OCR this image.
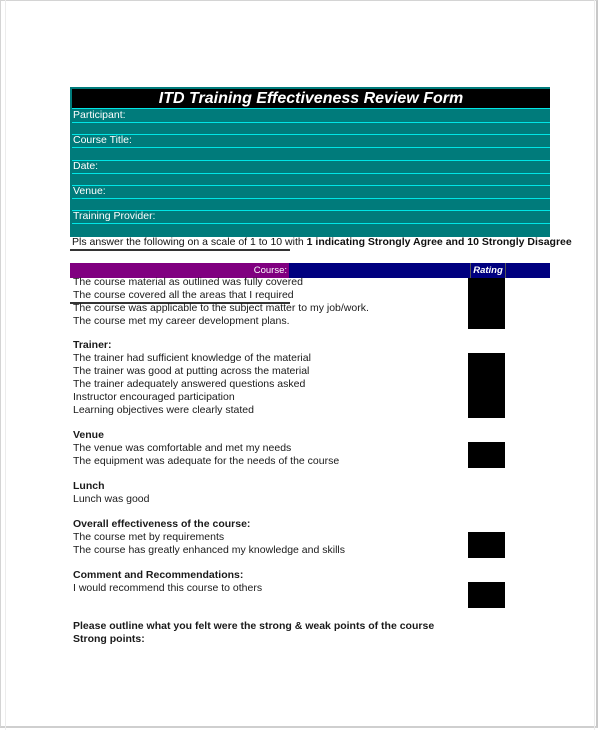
ITD Training Effectiveness Review Form
Participant:
Course Title:
Date:
Venue:
Training Provider:
Pls answer the following on a scale of 1 to 10 with 1 indicating Strongly Agree and 10 Strongly Disagree
Course:	Rating
The course material as outlined was fully covered
The course covered all the areas that I required
The course was applicable to the subject matter to my job/work.
The course met my career development plans.
Trainer:
The trainer had sufficient knowledge of the material
The trainer was good at putting across the material
The trainer adequately answered questions asked
Instructor encouraged participation
Learning objectives were clearly stated
Venue
The venue was comfortable and met my needs
The equipment was adequate for the needs of the course
Lunch
Lunch was good
Overall effectiveness of the course:
The course met by requirements
The course has greatly enhanced my knowledge and skills
Comment and Recommendations:
I would recommend this course to others
Please outline what you felt were the strong & weak points of the course
Strong points:
